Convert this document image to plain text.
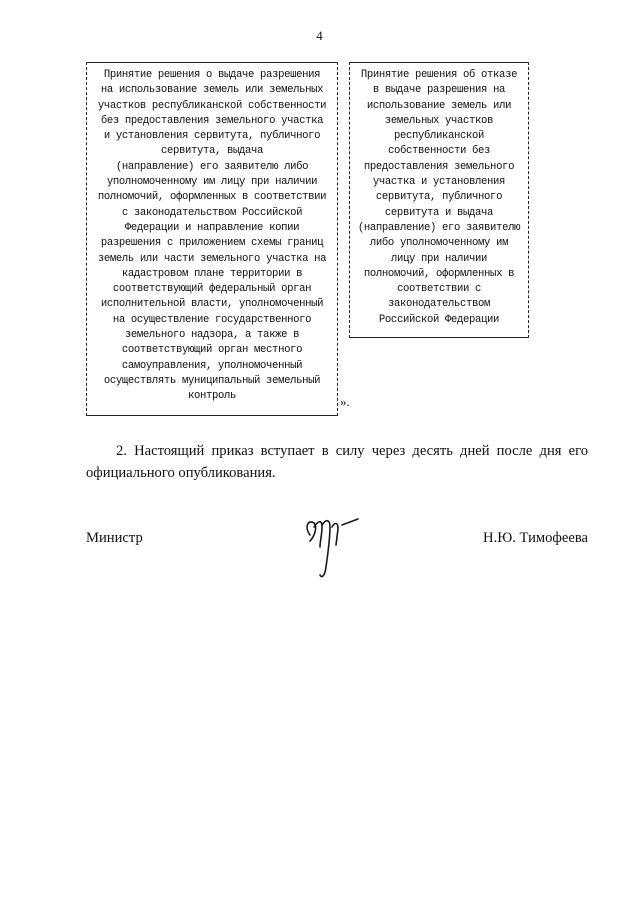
4

Принятие решения о выдаче разрешения
на использование земель или земельных
участков республиканской собственности
без предоставления земельного участка
и установления сервитута, публичного
сервитута, выдача
(направление) его заявителю либо
уполномоченному им лицу при наличии
полномочий, оформленных в соответствии
с законодательством Российской
Федерации и направление копии
разрешения с приложением схемы границ
земель или части земельного участка на
кадастровом плане территории в
соответствующий федеральный орган
исполнительной власти, уполномоченный
на осуществление государственного
земельного надзора, а также в
соответствующий орган местного
самоуправления, уполномоченный
осуществлять муниципальный земельный
контроль

Принятие решения об отказе
в выдаче разрешения на
использование земель или
земельных участков
республиканской
собственности без
предоставления земельного
участка и установления
сервитута, публичного
сервитута и выдача
(направление) его заявителю
либо уполномоченному им
лицу при наличии
полномочий, оформленных в
соответствии с
законодательством
Российской Федерации

».
2. Настоящий приказ вступает в силу через десять дней после дня его официального опубликования.
Министр	Н.Ю. Тимофеева
